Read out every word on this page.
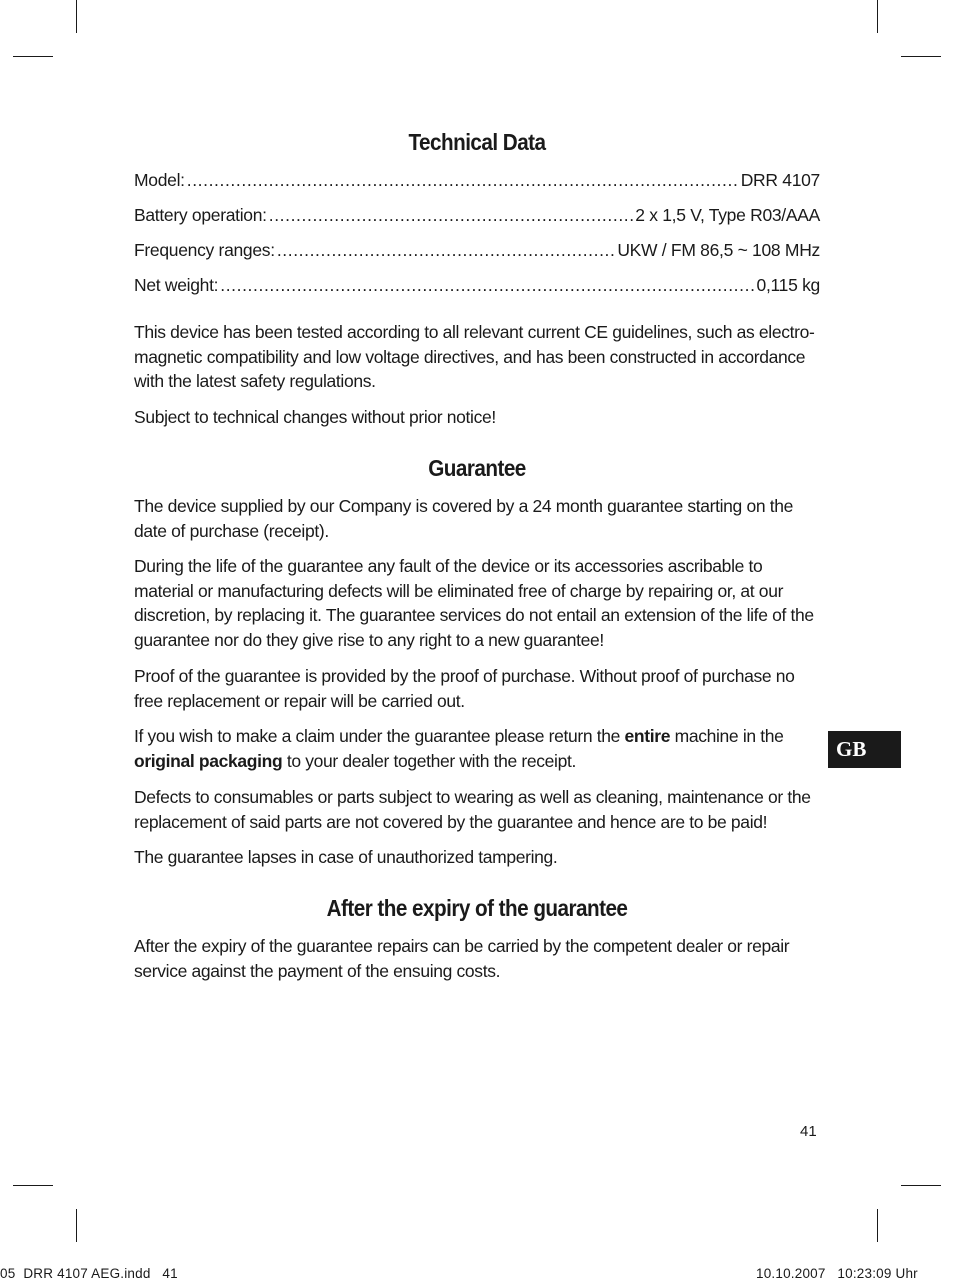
Technical Data
Model: .....	DRR 4107
Battery operation: .....	2 x 1,5 V, Type R03/AAA
Frequency ranges: .....	UKW / FM 86,5 ~ 108 MHz
Net weight: .....	0,115 kg
This device has been tested according to all relevant current CE guidelines, such as electro-magnetic compatibility and low voltage directives, and has been constructed in accordance with the latest safety regulations.
Subject to technical changes without prior notice!
Guarantee
The device supplied by our Company is covered by a 24 month guarantee starting on the date of purchase (receipt).
During the life of the guarantee any fault of the device or its accessories ascribable to material or manufacturing defects will be eliminated free of charge by repairing or, at our discretion, by replacing it. The guarantee services do not entail an extension of the life of the guarantee nor do they give rise to any right to a new guarantee!
Proof of the guarantee is provided by the proof of purchase. Without proof of purchase no free replacement or repair will be carried out.
If you wish to make a claim under the guarantee please return the entire machine in the original packaging to your dealer together with the receipt.
Defects to consumables or parts subject to wearing as well as cleaning, maintenance or the replacement of said parts are not covered by the guarantee and hence are to be paid!
The guarantee lapses in case of unauthorized tampering.
After the expiry of the guarantee
After the expiry of the guarantee repairs can be carried by the competent dealer or repair service against the payment of the ensuing costs.
GB
41
05  DRR 4107 AEG.indd   41	10.10.2007   10:23:09 Uhr
